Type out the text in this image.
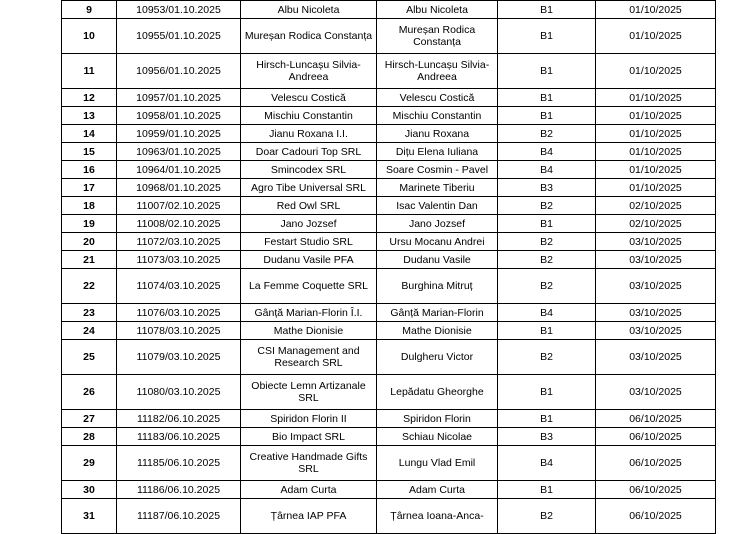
9	10953/01.10.2025	Albu Nicoleta	Albu Nicoleta	B1	01/10/2025
10	10955/01.10.2025	Mureșan Rodica Constanța	Mureșan Rodica Constanța	B1	01/10/2025
11	10956/01.10.2025	Hirsch-Luncașu Silvia-Andreea	Hirsch-Luncașu Silvia-Andreea	B1	01/10/2025
12	10957/01.10.2025	Velescu Costică	Velescu Costică	B1	01/10/2025
13	10958/01.10.2025	Mischiu Constantin	Mischiu Constantin	B1	01/10/2025
14	10959/01.10.2025	Jianu Roxana I.I.	Jianu Roxana	B2	01/10/2025
15	10963/01.10.2025	Doar Cadouri Top SRL	Dițu Elena Iuliana	B4	01/10/2025
16	10964/01.10.2025	Smincodex SRL	Soare Cosmin - Pavel	B4	01/10/2025
17	10968/01.10.2025	Agro Tibe Universal SRL	Marinete Tiberiu	B3	01/10/2025
18	11007/02.10.2025	Red Owl SRL	Isac Valentin Dan	B2	02/10/2025
19	11008/02.10.2025	Jano Jozsef	Jano Jozsef	B1	02/10/2025
20	11072/03.10.2025	Festart Studio SRL	Ursu Mocanu Andrei	B2	03/10/2025
21	11073/03.10.2025	Dudanu Vasile PFA	Dudanu Vasile	B2	03/10/2025
22	11074/03.10.2025	La Femme Coquette SRL	Burghina Mitruț	B2	03/10/2025
23	11076/03.10.2025	Gânță Marian-Florin Î.I.	Gânță Marian-Florin	B4	03/10/2025
24	11078/03.10.2025	Mathe Dionisie	Mathe Dionisie	B1	03/10/2025
25	11079/03.10.2025	CSI Management and Research SRL	Dulgheru Victor	B2	03/10/2025
26	11080/03.10.2025	Obiecte Lemn Artizanale SRL	Lepădatu Gheorghe	B1	03/10/2025
27	11182/06.10.2025	Spiridon Florin II	Spiridon Florin	B1	06/10/2025
28	11183/06.10.2025	Bio Impact SRL	Schiau Nicolae	B3	06/10/2025
29	11185/06.10.2025	Creative Handmade Gifts SRL	Lungu Vlad Emil	B4	06/10/2025
30	11186/06.10.2025	Adam Curta	Adam Curta	B1	06/10/2025
31	11187/06.10.2025	Țârnea IAP PFA	Țârnea Ioana-Anca-	B2	06/10/2025
